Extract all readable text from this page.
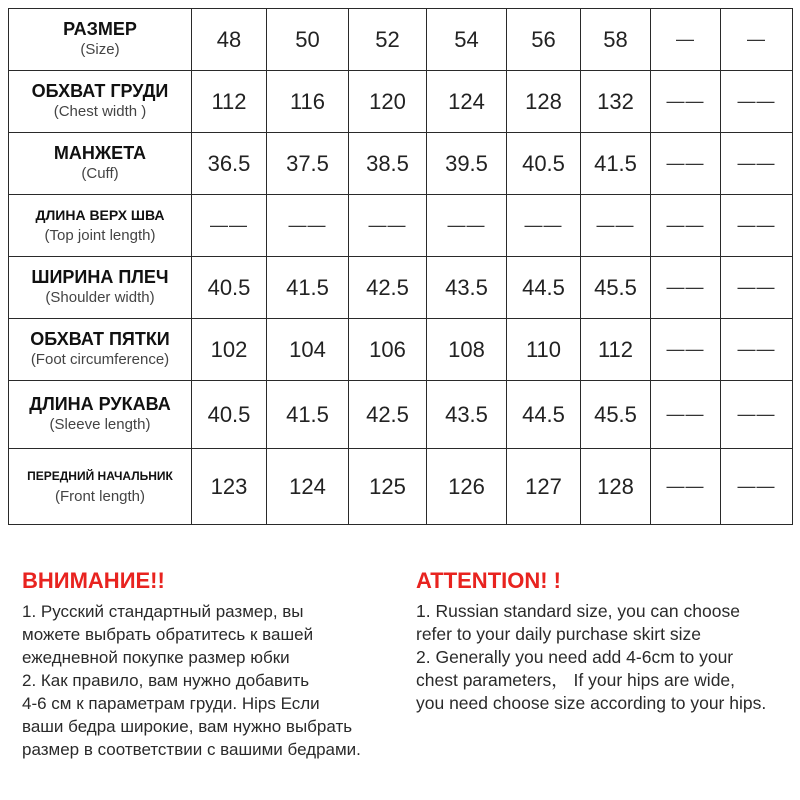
РАЗМЕР
(Size)	48	50	52	54	56	58	—	—

ОБХВАТ ГРУДИ
(Chest width )	112	116	120	124	128	132	——	——

МАНЖЕТА
(Cuff)	36.5	37.5	38.5	39.5	40.5	41.5	——	——

ДЛИНА ВЕРХ ШВА
(Top joint length)	——	——	——	——	——	——	——	——

ШИРИНА ПЛЕЧ
(Shoulder width)	40.5	41.5	42.5	43.5	44.5	45.5	——	——

ОБХВАТ ПЯТКИ
(Foot circumference)	102	104	106	108	110	112	——	——

ДЛИНА РУКАВА
(Sleeve length)	40.5	41.5	42.5	43.5	44.5	45.5	——	——

ПЕРЕДНИЙ НАЧАЛЬНИК
(Front length)	123	124	125	126	127	128	——	——
ВНИМАНИЕ!!
1. Русский стандартный размер, вы
можете выбрать обратитесь к вашей
ежедневной покупке размер юбки
2. Как правило, вам нужно добавить
4-6 см к параметрам груди. Hips Если
ваши бедра широкие, вам нужно выбрать
размер в соответствии с вашими бедрами.
ATTENTION! !
1. Russian standard size, you can choose
refer to your daily purchase skirt size
2. Generally you need add 4-6cm to your
chest parameters， If your hips are wide,
you need choose size according to your hips.
